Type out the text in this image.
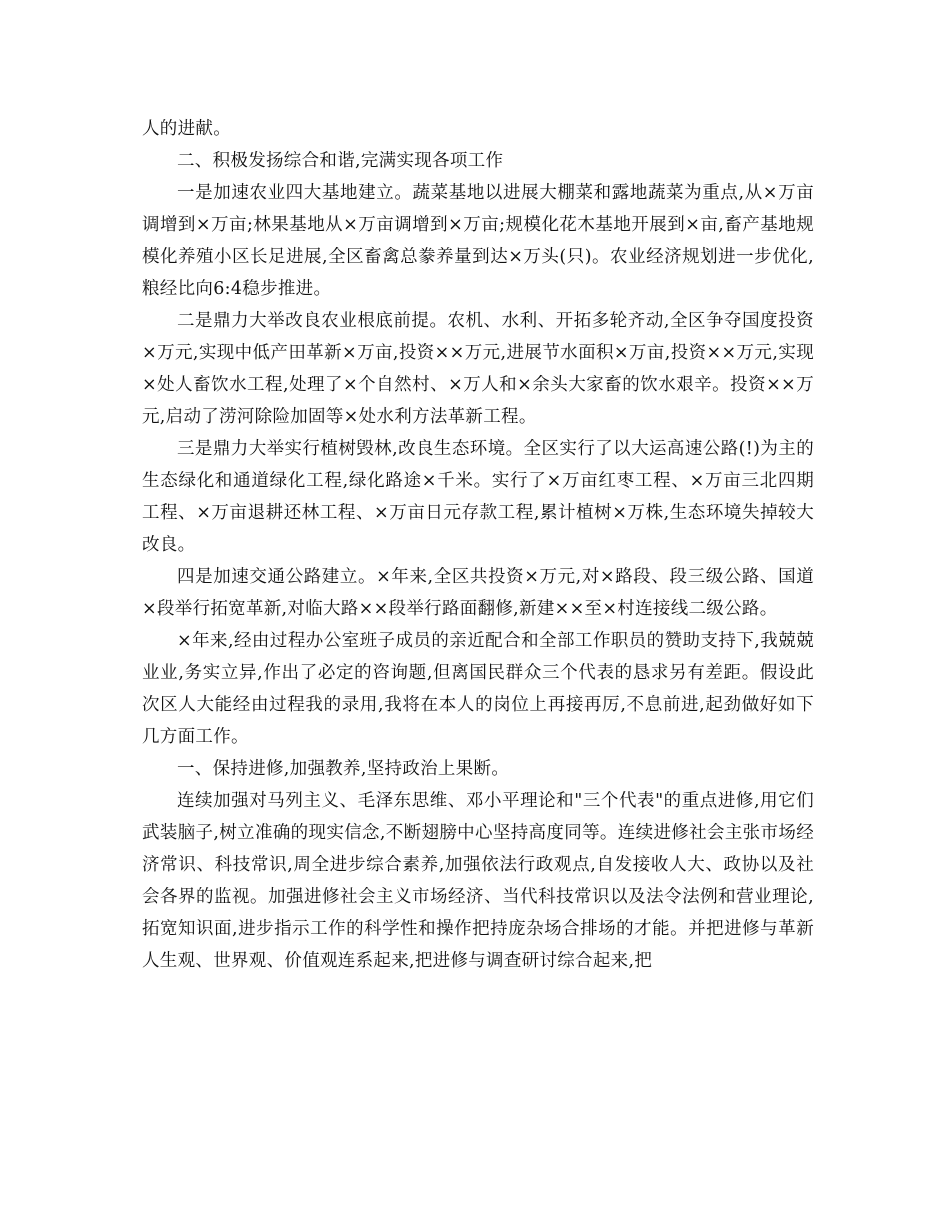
人的进献。

二、积极发扬综合和谐,完满实现各项工作

一是加速农业四大基地建立。蔬菜基地以进展大棚菜和露地蔬菜为重点,从×万亩调增到×万亩;林果基地从×万亩调增到×万亩;规模化花木基地开展到×亩,畜产基地规模化养殖小区长足进展,全区畜禽总豢养量到达×万头(只)。农业经济规划进一步优化,粮经比向6:4稳步推进。

二是鼎力大举改良农业根底前提。农机、水利、开拓多轮齐动,全区争夺国度投资×万元,实现中低产田革新×万亩,投资××万元,进展节水面积×万亩,投资××万元,实现×处人畜饮水工程,处理了×个自然村、×万人和×余头大家畜的饮水艰辛。投资××万元,启动了涝河除险加固等×处水利方法革新工程。

三是鼎力大举实行植树毁林,改良生态环境。全区实行了以大运高速公路(!)为主的生态绿化和通道绿化工程,绿化路途×千米。实行了×万亩红枣工程、×万亩三北四期工程、×万亩退耕还林工程、×万亩日元存款工程,累计植树×万株,生态环境失掉较大改良。

四是加速交通公路建立。×年来,全区共投资×万元,对×路段、段三级公路、国道×段举行拓宽革新,对临大路××段举行路面翻修,新建××至×村连接线二级公路。

×年来,经由过程办公室班子成员的亲近配合和全部工作职员的赞助支持下,我兢兢业业,务实立异,作出了必定的咨询题,但离国民群众三个代表的恳求另有差距。假设此次区人大能经由过程我的录用,我将在本人的岗位上再接再厉,不息前进,起劲做好如下几方面工作。

一、保持进修,加强教养,坚持政治上果断。

连续加强对马列主义、毛泽东思维、邓小平理论和"三个代表"的重点进修,用它们武装脑子,树立准确的现实信念,不断翅膀中心坚持高度同等。连续进修社会主张市场经济常识、科技常识,周全进步综合素养,加强依法行政观点,自发接收人大、政协以及社会各界的监视。加强进修社会主义市场经济、当代科技常识以及法令法例和营业理论,拓宽知识面,进步指示工作的科学性和操作把持庞杂场合排场的才能。并把进修与革新人生观、世界观、价值观连系起来,把进修与调查研讨综合起来,把
